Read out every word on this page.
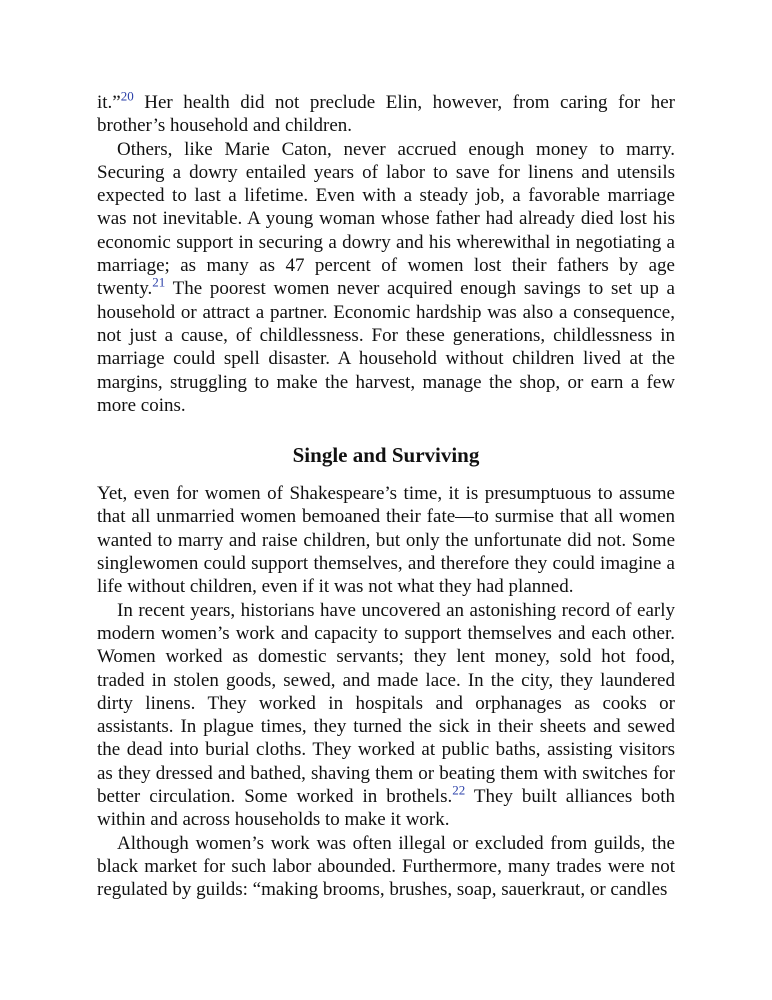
it.”$^{20}$ Her health did not preclude Elin, however, from caring for her brother’s household and children.

Others, like Marie Caton, never accrued enough money to marry. Securing a dowry entailed years of labor to save for linens and utensils expected to last a lifetime. Even with a steady job, a favorable marriage was not inevitable. A young woman whose father had already died lost his economic support in securing a dowry and his wherewithal in negotiating a marriage; as many as 47 percent of women lost their fathers by age twenty.$^{21}$ The poorest women never acquired enough savings to set up a household or attract a partner. Economic hardship was also a consequence, not just a cause, of childlessness. For these generations, childlessness in marriage could spell disaster. A household without children lived at the margins, struggling to make the harvest, manage the shop, or earn a few more coins.

Single and Surviving

Yet, even for women of Shakespeare’s time, it is presumptuous to assume that all unmarried women bemoaned their fate—to surmise that all women wanted to marry and raise children, but only the unfortunate did not. Some singlewomen could support themselves, and therefore they could imagine a life without children, even if it was not what they had planned.

In recent years, historians have uncovered an astonishing record of early modern women’s work and capacity to support themselves and each other. Women worked as domestic servants; they lent money, sold hot food, traded in stolen goods, sewed, and made lace. In the city, they laundered dirty linens. They worked in hospitals and orphanages as cooks or assistants. In plague times, they turned the sick in their sheets and sewed the dead into burial cloths. They worked at public baths, assisting visitors as they dressed and bathed, shaving them or beating them with switches for better circulation. Some worked in brothels.$^{22}$ They built alliances both within and across households to make it work.

Although women’s work was often illegal or excluded from guilds, the black market for such labor abounded. Furthermore, many trades were not regulated by guilds: “making brooms, brushes, soap, sauerkraut, or candles
